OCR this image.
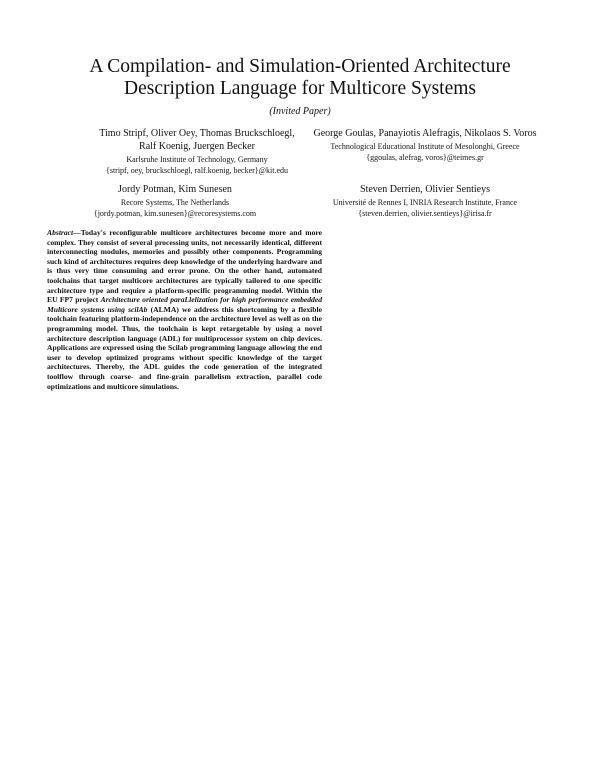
A Compilation- and Simulation-Oriented Architecture
Description Language for Multicore Systems
(Invited Paper)
Timo Stripf, Oliver Oey, Thomas Bruckschloegl,
Ralf Koenig, Juergen Becker
Karlsruhe Institute of Technology, Germany
{stripf, oey, bruckschloegl, ralf.koenig, becker}@kit.edu
George Goulas, Panayiotis Alefragis, Nikolaos S. Voros
Technological Educational Institute of Mesolonghi, Greece
{ggoulas, alefrag, voros}@teimes.gr
Jordy Potman, Kim Sunesen
Recore Systems, The Netherlands
{jordy.potman, kim.sunesen}@recoresystems.com
Steven Derrien, Olivier Sentieys
Université de Rennes I, INRIA Research Institute, France
{steven.derrien, olivier.sentieys}@irisa.fr
Abstract—Today's reconfigurable multicore architectures become more and more complex. They consist of several processing units, not necessarily identical, different interconnecting modules, memories and possibly other components. Programming such kind of architectures requires deep knowledge of the underlying hardware and is thus very time consuming and error prone. On the other hand, automated toolchains that target multicore architectures are typically tailored to one specific architecture type and require a platform-specific programming model. Within the EU FP7 project Architecture oriented paraLlelization for high performance embedded Multicore systems using scilAb (ALMA) we address this shortcoming by a flexible toolchain featuring platform-independence on the architecture level as well as on the programming model. Thus, the toolchain is kept retargetable by using a novel architecture description language (ADL) for multiprocessor system on chip devices. Applications are expressed using the Scilab programming language allowing the end user to develop optimized programs without specific knowledge of the target architectures. Thereby, the ADL guides the code generation of the integrated toolflow through coarse- and fine-grain parallelism extraction, parallel code optimizations and multicore simulations.
